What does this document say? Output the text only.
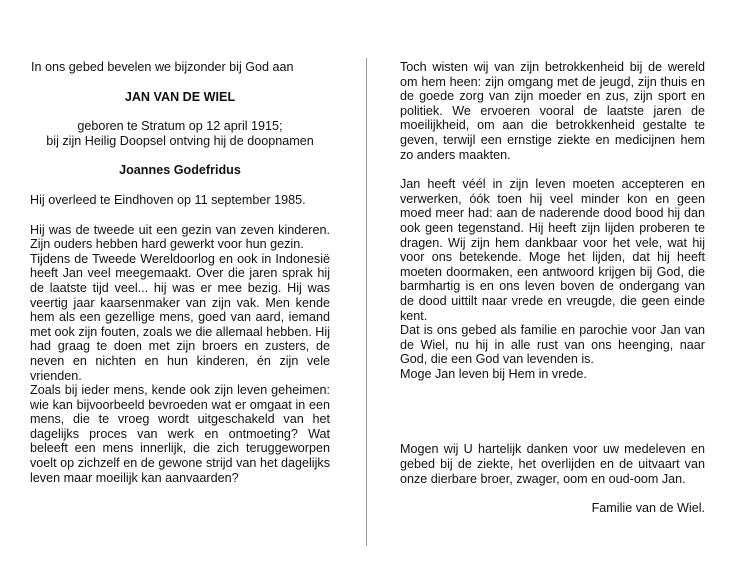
In ons gebed bevelen we bijzonder bij God aan

JAN VAN DE WIEL

geboren te Stratum op 12 april 1915;

bij zijn Heilig Doopsel ontving hij de doopnamen

Joannes Godefridus

Hij overleed te Eindhoven op 11 september 1985.

Hij was de tweede uit een gezin van zeven kinderen. Zijn ouders hebben hard gewerkt voor hun gezin.

Tijdens de Tweede Wereldoorlog en ook in Indonesië heeft Jan veel meegemaakt. Over die jaren sprak hij de laatste tijd veel... hij was er mee bezig. Hij was veertig jaar kaarsenmaker van zijn vak. Men kende hem als een gezellige mens, goed van aard, iemand met ook zijn fouten, zoals we die allemaal hebben. Hij had graag te doen met zijn broers en zusters, de neven en nichten en hun kinderen, én zijn vele vrienden.

Zoals bij ieder mens, kende ook zijn leven geheimen: wie kan bijvoorbeeld bevroeden wat er omgaat in een mens, die te vroeg wordt uitgeschakeld van het dagelijks proces van werk en ontmoeting? Wat beleeft een mens innerlijk, die zich teruggeworpen voelt op zichzelf en de gewone strijd van het dagelijks leven maar moeilijk kan aanvaarden?

Toch wisten wij van zijn betrokkenheid bij de wereld om hem heen: zijn omgang met de jeugd, zijn thuis en de goede zorg van zijn moeder en zus, zijn sport en politiek. We ervoeren vooral de laatste jaren de moeilijkheid, om aan die betrokkenheid gestalte te geven, terwijl een ernstige ziekte en medicijnen hem zo anders maakten.

Jan heeft véél in zijn leven moeten accepteren en verwerken, óók toen hij veel minder kon en geen moed meer had: aan de naderende dood bood hij dan ook geen tegenstand. Hij heeft zijn lijden proberen te dragen. Wij zijn hem dankbaar voor het vele, wat hij voor ons betekende. Moge het lijden, dat hij heeft moeten doormaken, een antwoord krijgen bij God, die barmhartig is en ons leven boven de ondergang van de dood uittilt naar vrede en vreugde, die geen einde kent.

Dat is ons gebed als familie en parochie voor Jan van de Wiel, nu hij in alle rust van ons heenging, naar God, die een God van levenden is.

Moge Jan leven bij Hem in vrede.

Mogen wij U hartelijk danken voor uw medeleven en gebed bij de ziekte, het overlijden en de uitvaart van onze dierbare broer, zwager, oom en oud-oom Jan.

Familie van de Wiel.
